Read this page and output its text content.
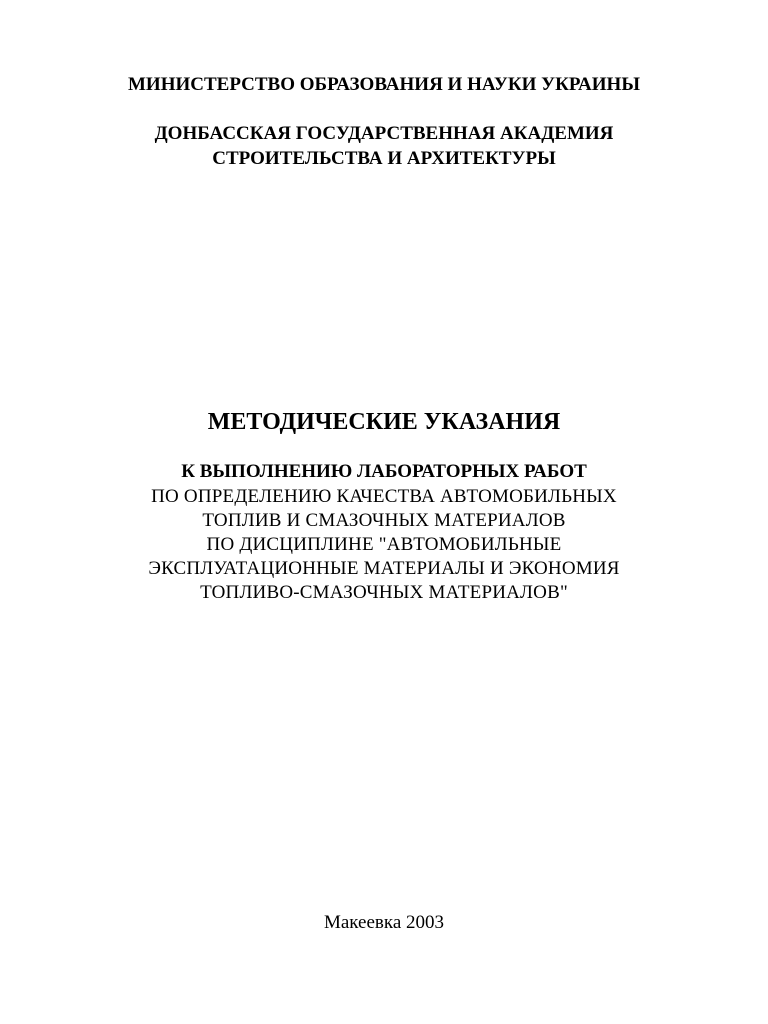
МИНИСТЕРСТВО ОБРАЗОВАНИЯ И НАУКИ УКРАИНЫ
ДОНБАССКАЯ ГОСУДАРСТВЕННАЯ АКАДЕМИЯ
СТРОИТЕЛЬСТВА И АРХИТЕКТУРЫ
МЕТОДИЧЕСКИЕ УКАЗАНИЯ
К ВЫПОЛНЕНИЮ ЛАБОРАТОРНЫХ РАБОТ
ПО ОПРЕДЕЛЕНИЮ КАЧЕСТВА АВТОМОБИЛЬНЫХ
ТОПЛИВ И СМАЗОЧНЫХ МАТЕРИАЛОВ
ПО ДИСЦИПЛИНЕ "АВТОМОБИЛЬНЫЕ
ЭКСПЛУАТАЦИОННЫЕ МАТЕРИАЛЫ И ЭКОНОМИЯ
ТОПЛИВО-СМАЗОЧНЫХ МАТЕРИАЛОВ"
Макеевка 2003
